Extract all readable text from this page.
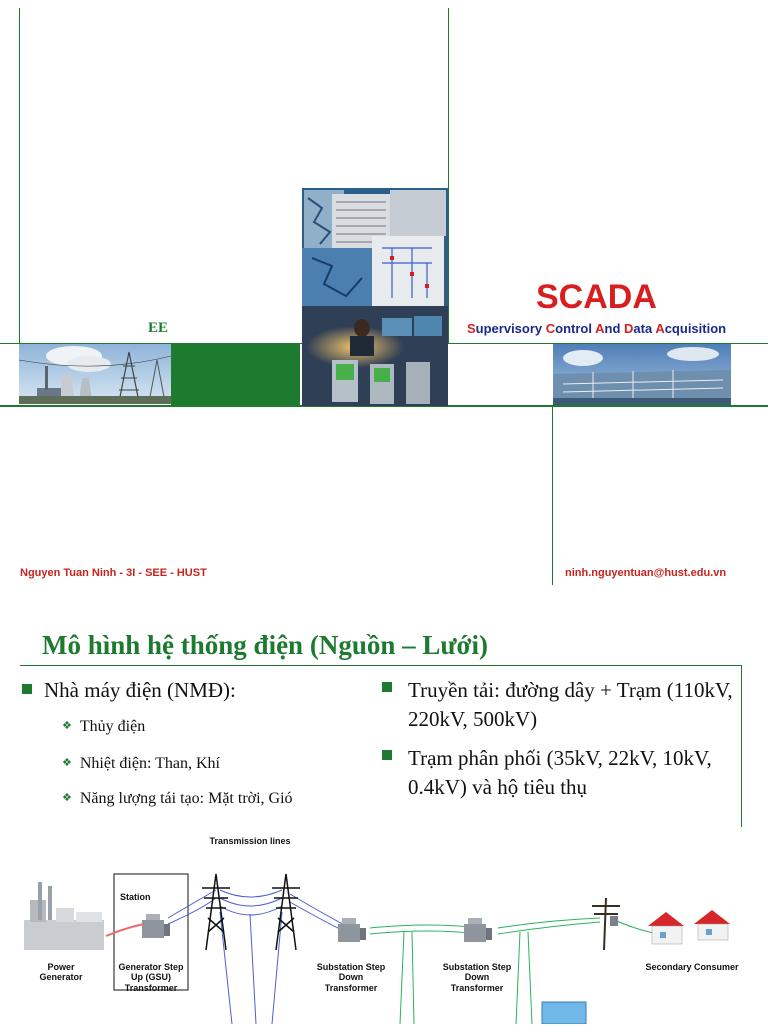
EE
SCADA
Supervisory Control And Data Acquisition
Nguyen Tuan Ninh - 3I - SEE - HUST	ninh.nguyentuan@hust.edu.vn
Mô hình hệ thống điện (Nguồn – Lưới)
Nhà máy điện (NMĐ):
❖ Thủy điện
❖ Nhiệt điện: Than, Khí
❖ Năng lượng tái tạo: Mặt trời, Gió
Truyền tải: đường dây + Trạm (110kV, 220kV, 500kV)
Trạm phân phối (35kV, 22kV, 10kV, 0.4kV) và hộ tiêu thụ
Transmission lines
Station
Power Generator
Generator Step Up (GSU) Transformer
Substation Step Down Transformer
Substation Step Down Transformer
Secondary Consumer
